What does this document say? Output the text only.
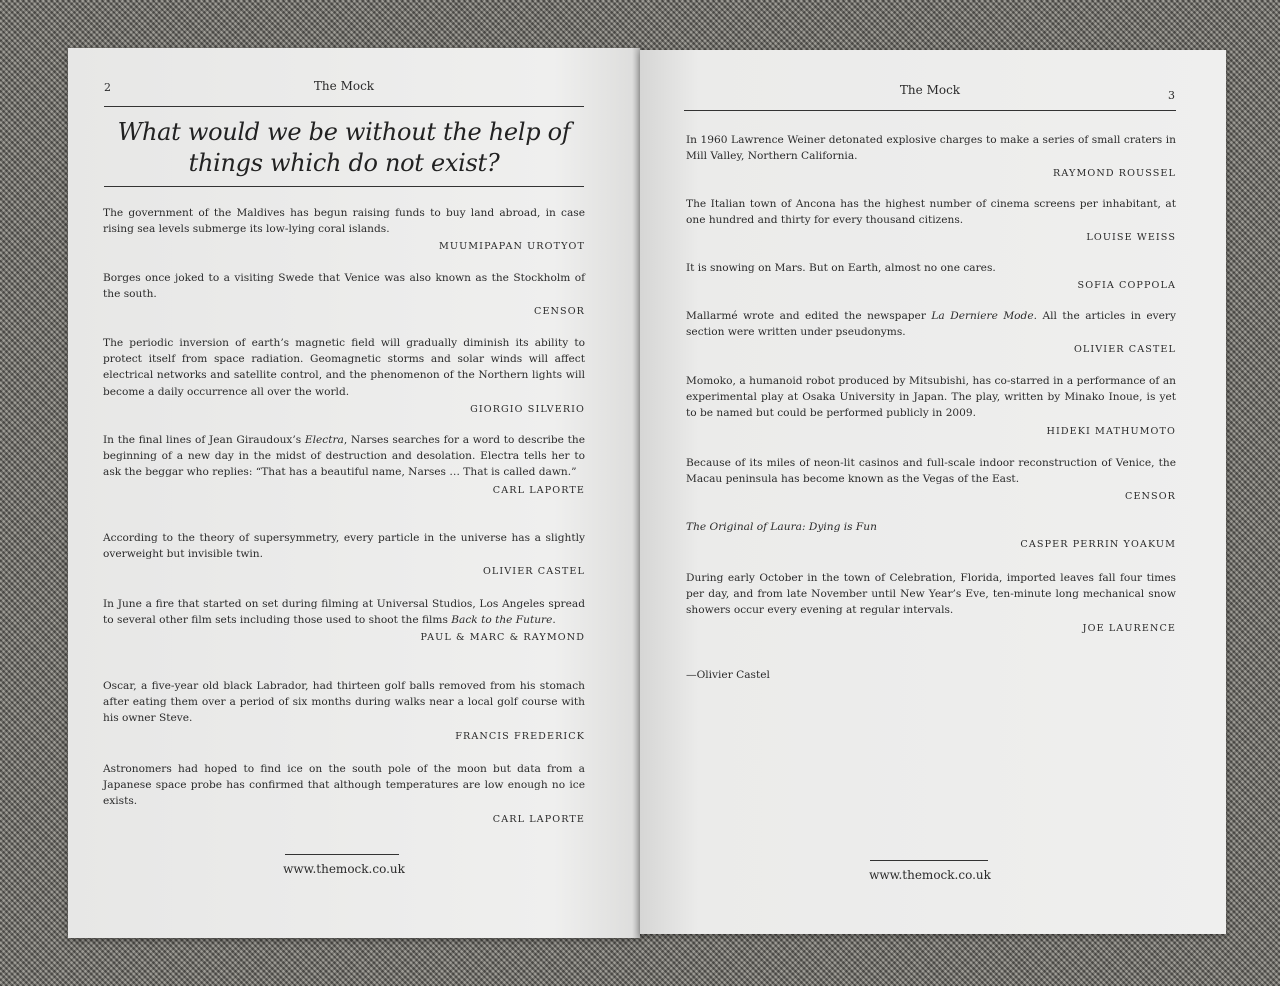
2	The Mock
What would we be without the help of
things which do not exist?

The government of the Maldives has begun raising funds to buy land abroad, in case rising sea levels submerge its low-lying coral islands.

MUUMIPAPAN UROTYOT

Borges once joked to a visiting Swede that Venice was also known as the Stockholm of the south.

CENSOR

The periodic inversion of earth’s magnetic field will gradually diminish its ability to protect itself from space radiation. Geomagnetic storms and solar winds will affect electrical networks and satellite control, and the phenomenon of the Northern lights will become a daily occurrence all over the world.

GIORGIO SILVERIO

In the final lines of Jean Giraudoux’s Electra, Narses searches for a word to describe the beginning of a new day in the midst of destruction and desolation. Electra tells her to ask the beggar who replies: “That has a beautiful name, Narses … That is called dawn.”

CARL LAPORTE

According to the theory of supersymmetry, every particle in the universe has a slightly overweight but invisible twin.

OLIVIER CASTEL

In June a fire that started on set during filming at Universal Studios, Los Angeles spread to several other film sets including those used to shoot the films Back to the Future.

PAUL & MARC & RAYMOND

Oscar, a five-year old black Labrador, had thirteen golf balls removed from his stomach after eating them over a period of six months during walks near a local golf course with his owner Steve.

FRANCIS FREDERICK

Astronomers had hoped to find ice on the south pole of the moon but data from a Japanese space probe has confirmed that although temperatures are low enough no ice exists.

CARL LAPORTE
www.themock.co.uk
The Mock	3

In 1960 Lawrence Weiner detonated explosive charges to make a series of small craters in Mill Valley, Northern California.

RAYMOND ROUSSEL

The Italian town of Ancona has the highest number of cinema screens per inhabitant, at one hundred and thirty for every thousand citizens.

LOUISE WEISS

It is snowing on Mars. But on Earth, almost no one cares.

SOFIA COPPOLA

Mallarmé wrote and edited the newspaper La Derniere Mode. All the articles in every section were written under pseudonyms.

OLIVIER CASTEL

Momoko, a humanoid robot produced by Mitsubishi, has co-starred in a performance of an experimental play at Osaka University in Japan. The play, written by Minako Inoue, is yet to be named but could be performed publicly in 2009.

HIDEKI MATHUMOTO

Because of its miles of neon-lit casinos and full-scale indoor reconstruction of Venice, the Macau peninsula has become known as the Vegas of the East.

CENSOR

The Original of Laura: Dying is Fun

CASPER PERRIN YOAKUM

During early October in the town of Celebration, Florida, imported leaves fall four times per day, and from late November until New Year’s Eve, ten-minute long mechanical snow showers occur every evening at regular intervals.

JOE LAURENCE
—Olivier Castel
www.themock.co.uk
